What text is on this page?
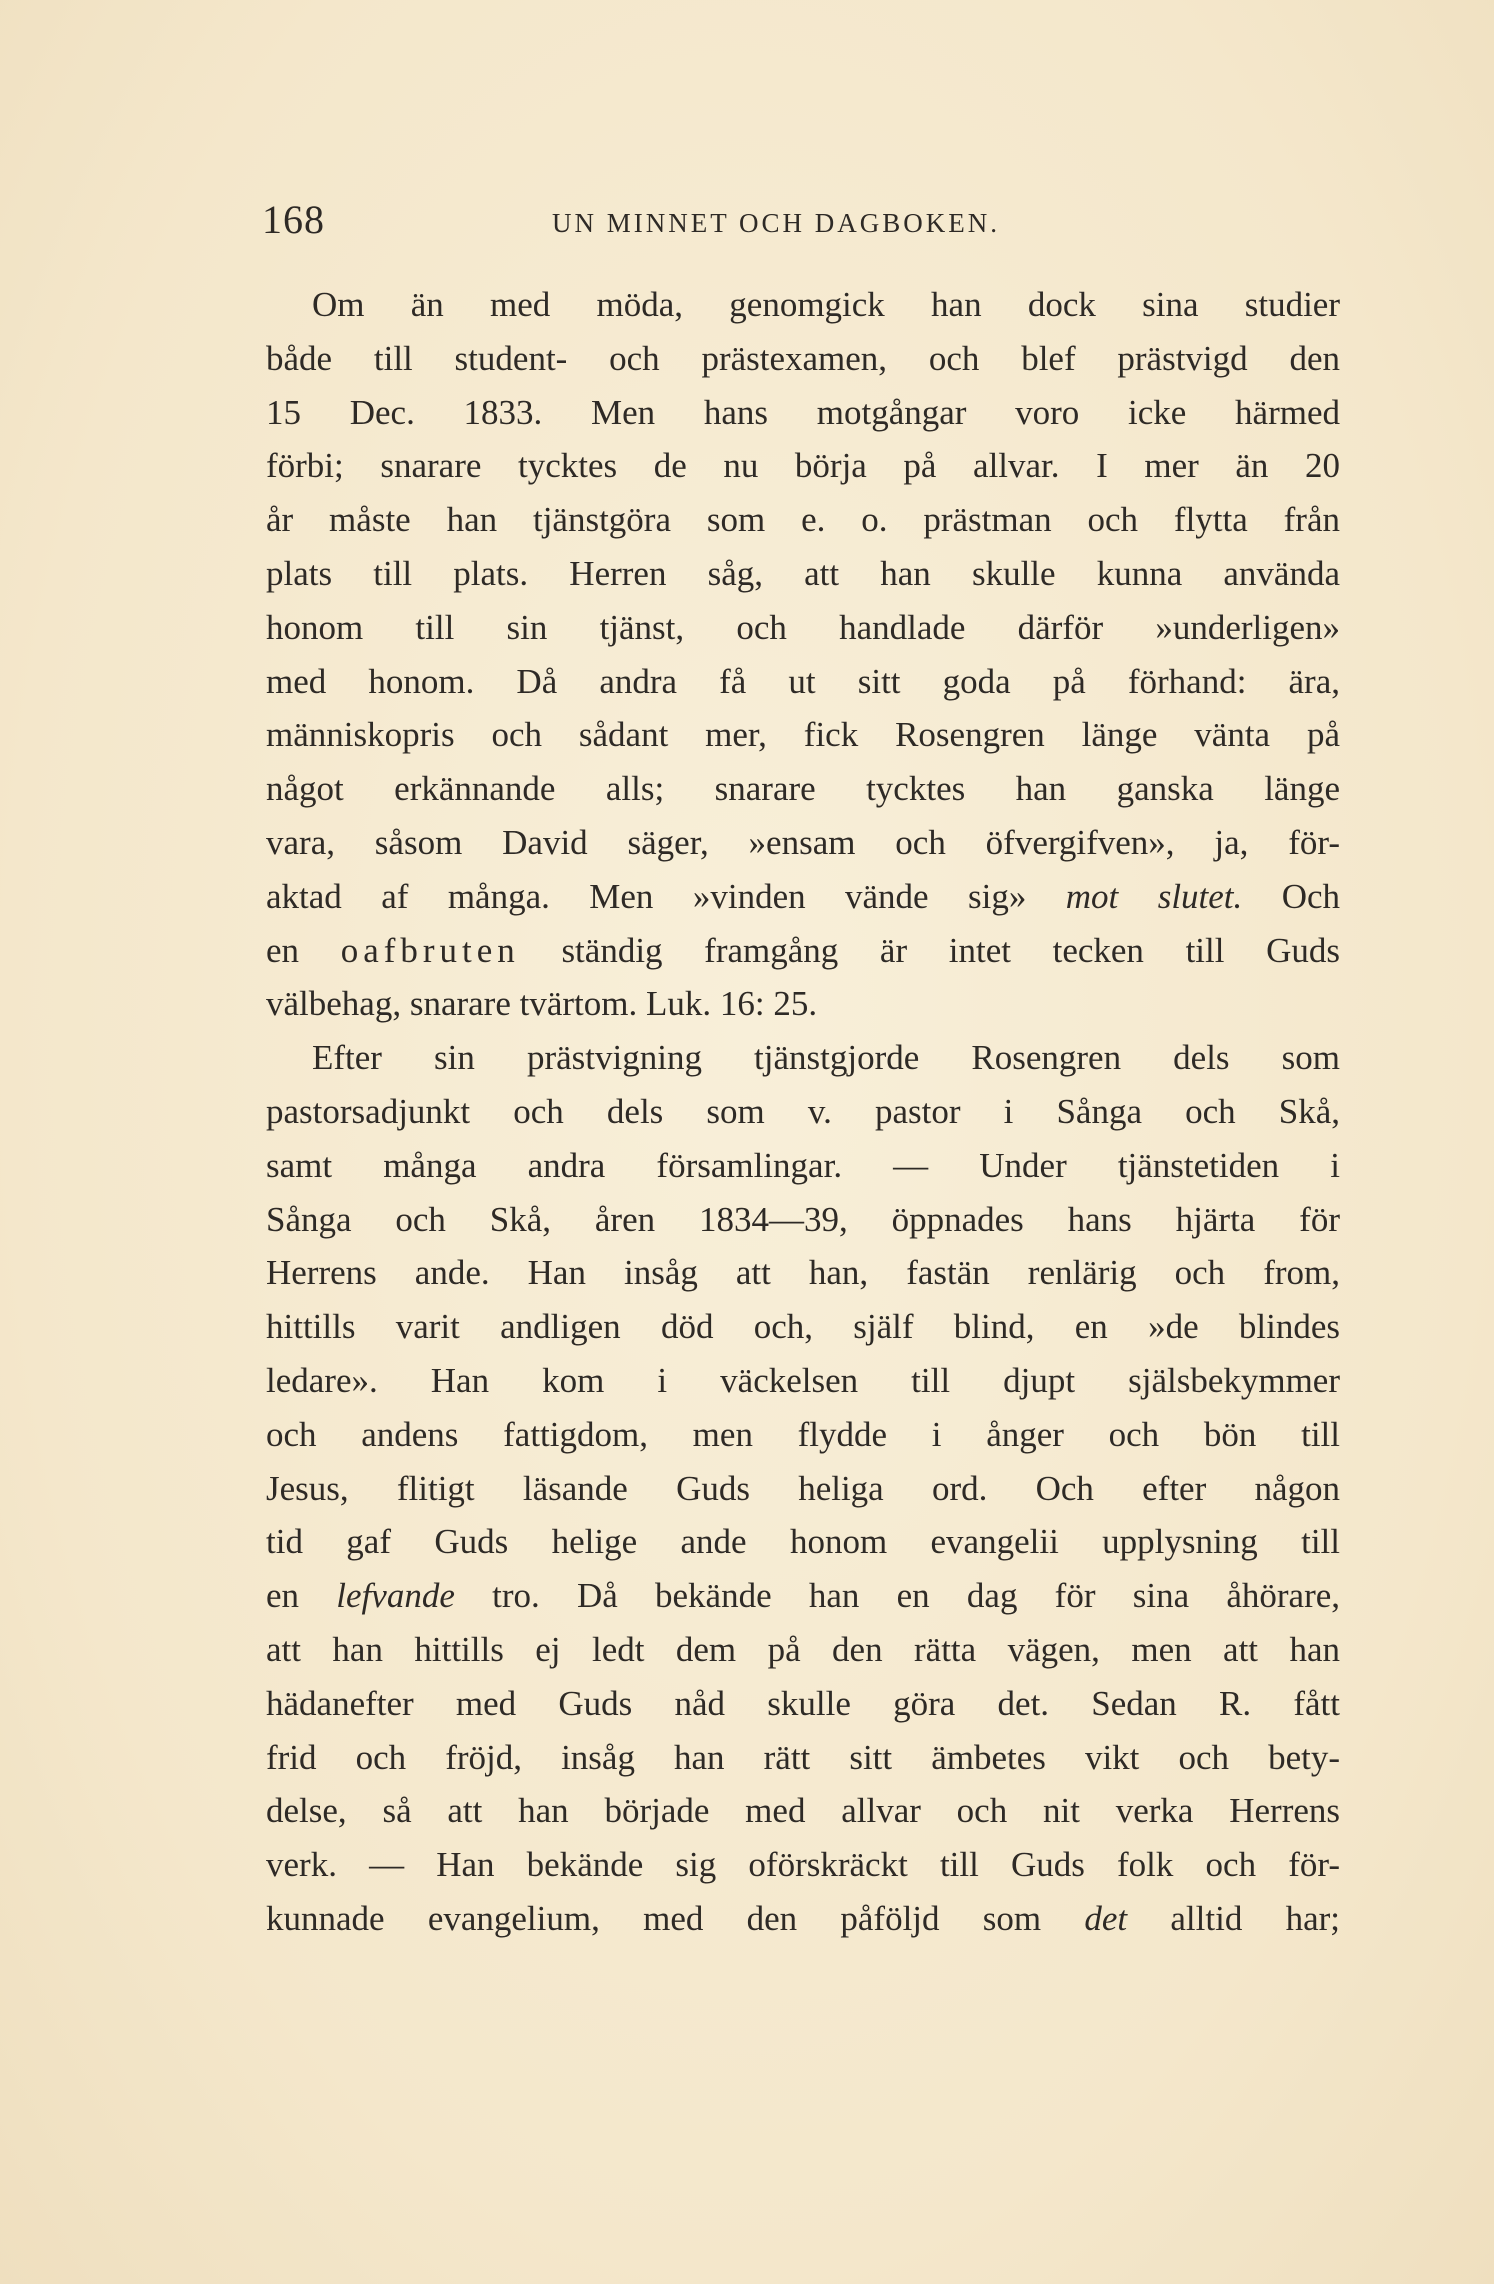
168	UN MINNET OCH DAGBOKEN.
Om än med möda, genomgick han dock sina studier
både till student- och prästexamen, och blef prästvigd den
15 Dec. 1833. Men hans motgångar voro icke härmed
förbi; snarare tycktes de nu börja på allvar. I mer än 20
år måste han tjänstgöra som e. o. prästman och flytta från
plats till plats. Herren såg, att han skulle kunna använda
honom till sin tjänst, och handlade därför »underligen»
med honom. Då andra få ut sitt goda på förhand: ära,
människopris och sådant mer, fick Rosengren länge vänta på
något erkännande alls; snarare tycktes han ganska länge
vara, såsom David säger, »ensam och öfvergifven», ja, för-
aktad af många. Men »vinden vände sig» mot slutet. Och
en oafbruten ständig framgång är intet tecken till Guds
välbehag, snarare tvärtom. Luk. 16: 25.
Efter sin prästvigning tjänstgjorde Rosengren dels som
pastorsadjunkt och dels som v. pastor i Sånga och Skå,
samt många andra församlingar. — Under tjänstetiden i
Sånga och Skå, åren 1834—39, öppnades hans hjärta för
Herrens ande. Han insåg att han, fastän renlärig och from,
hittills varit andligen död och, själf blind, en »de blindes
ledare». Han kom i väckelsen till djupt själsbekymmer
och andens fattigdom, men flydde i ånger och bön till
Jesus, flitigt läsande Guds heliga ord. Och efter någon
tid gaf Guds helige ande honom evangelii upplysning till
en lefvande tro. Då bekände han en dag för sina åhörare,
att han hittills ej ledt dem på den rätta vägen, men att han
hädanefter med Guds nåd skulle göra det. Sedan R. fått
frid och fröjd, insåg han rätt sitt ämbetes vikt och bety-
delse, så att han började med allvar och nit verka Herrens
verk. — Han bekände sig oförskräckt till Guds folk och för-
kunnade evangelium, med den påföljd som det alltid har;
